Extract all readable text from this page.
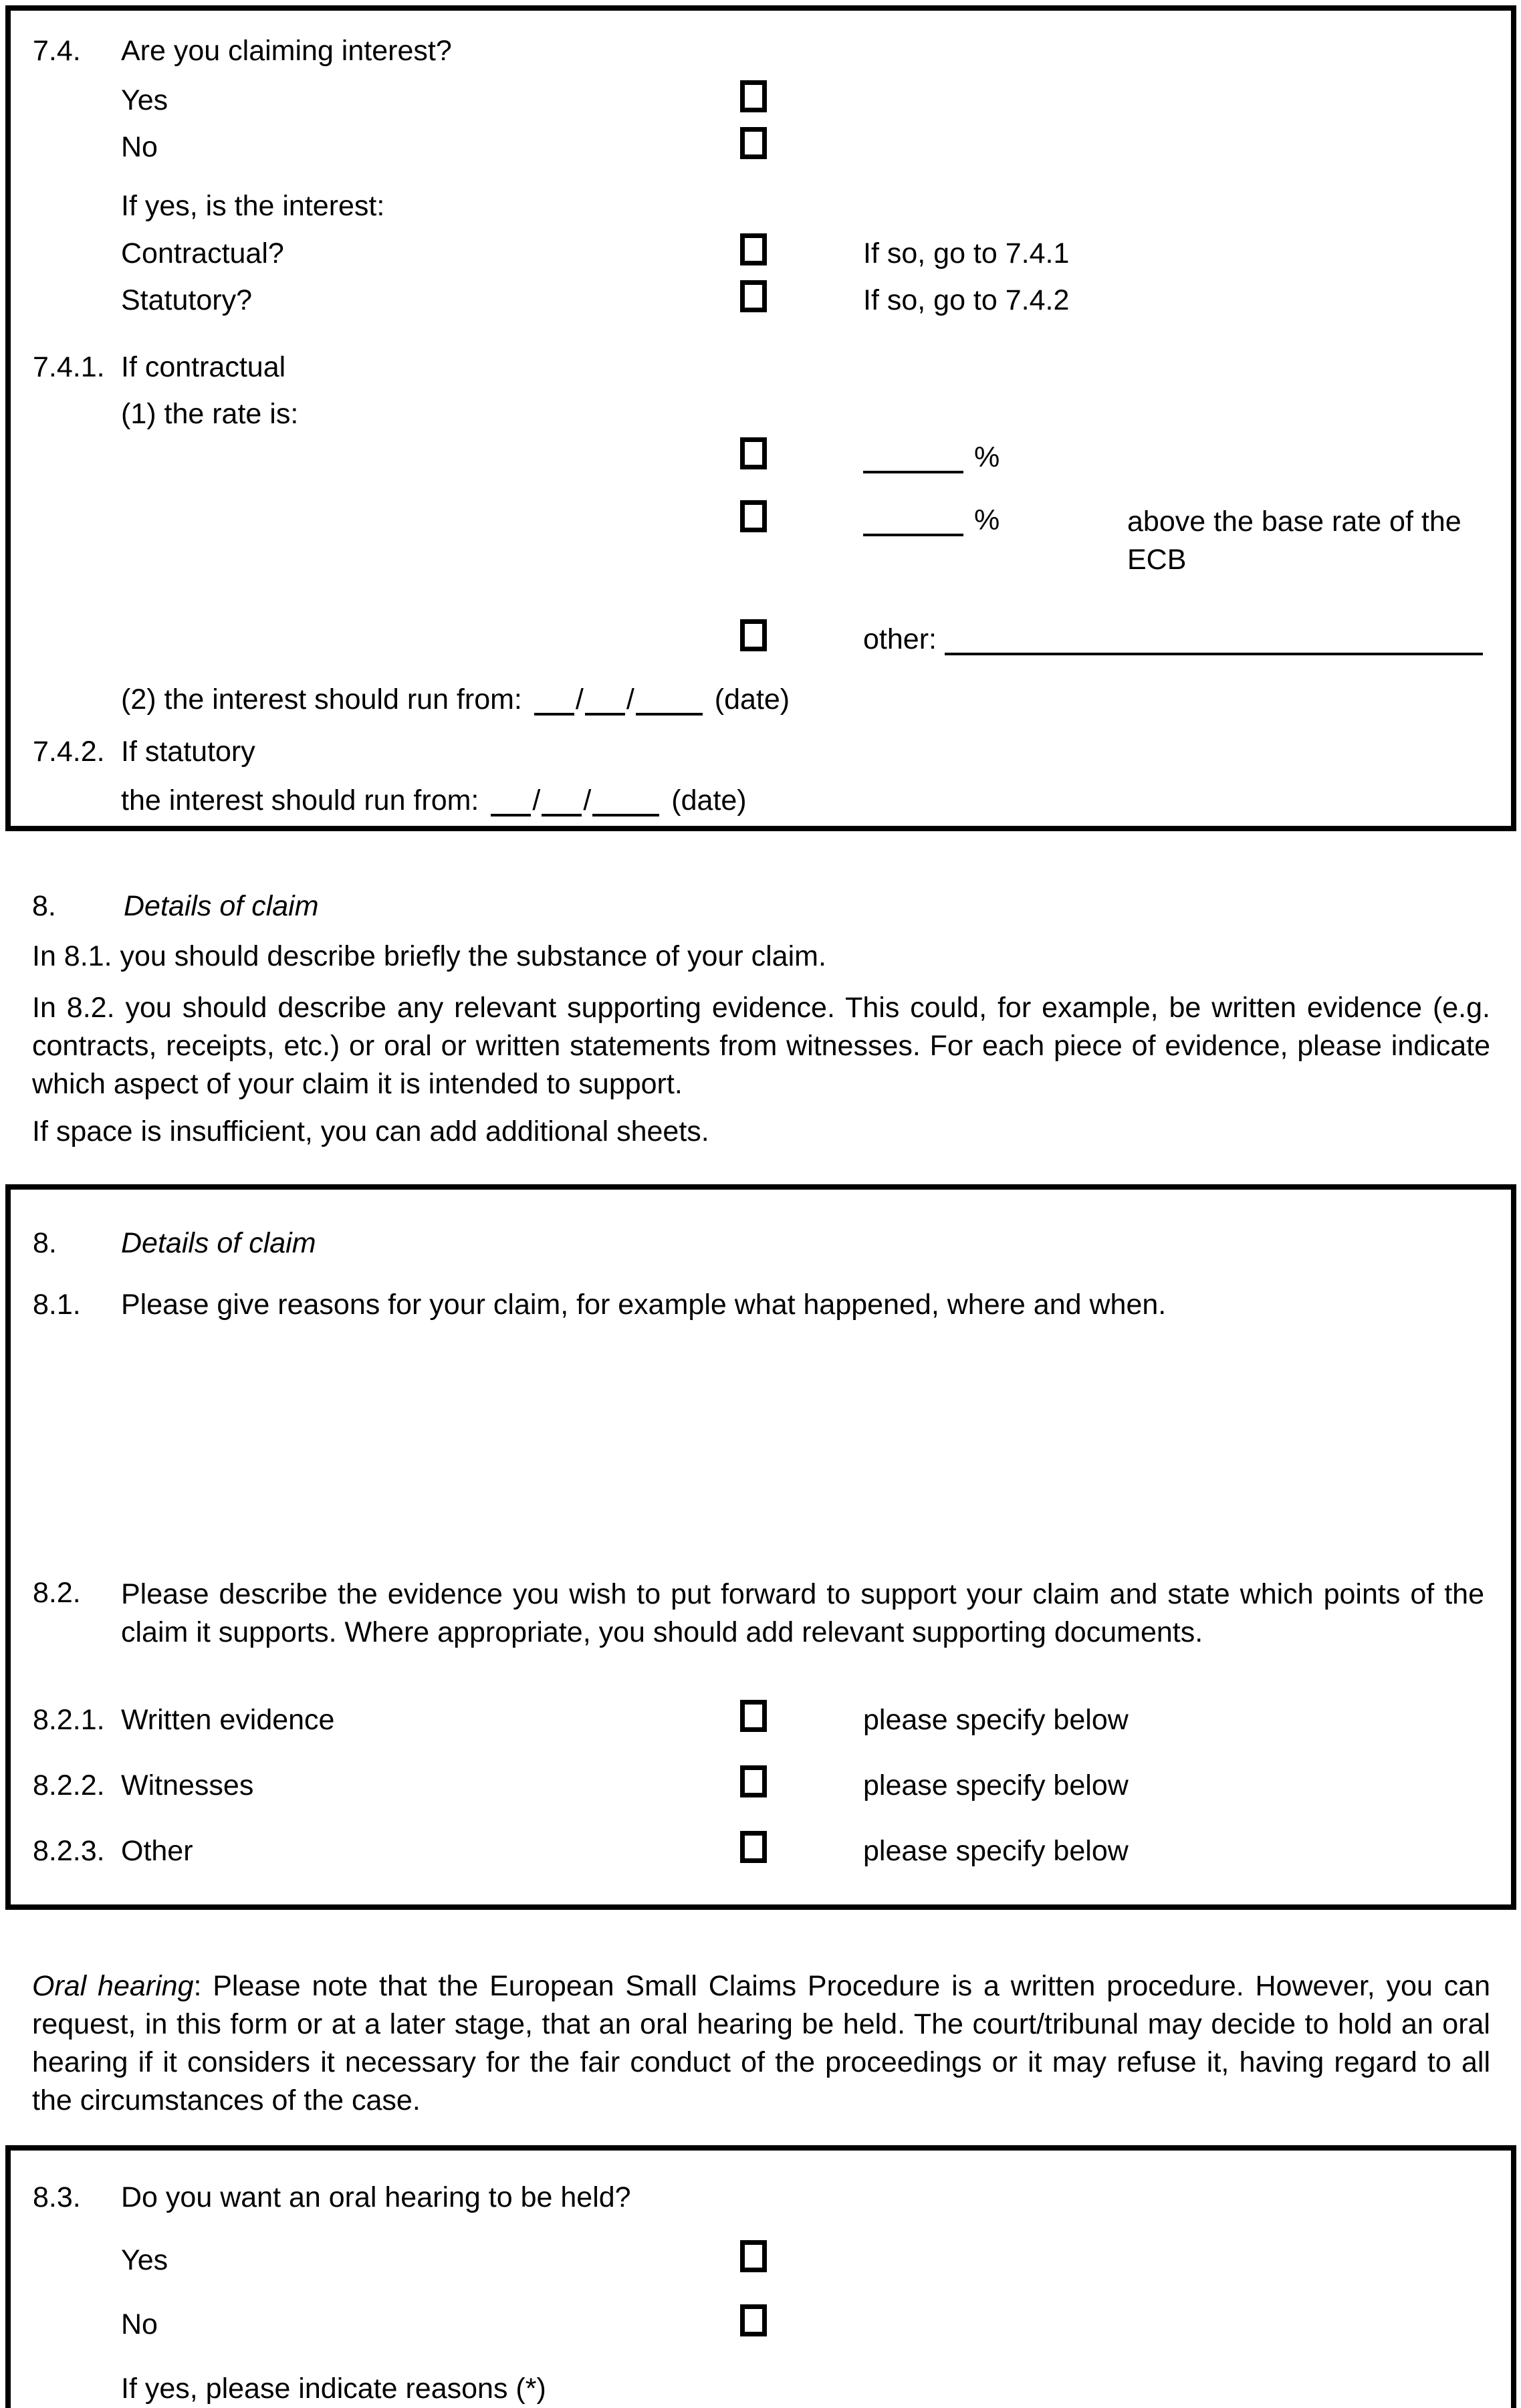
7.4.	Are you claiming interest?
Yes
No
If yes, is the interest:
Contractual?	If so, go to 7.4.1
Statutory?	If so, go to 7.4.2
7.4.1. If contractual
(1) the rate is:
%
%	above the base rate of the ECB
other:
(2) the interest should run from:	/ /	(date)
7.4.2. If statutory
the interest should run from:	/ /	(date)
8.	Details of claim

In 8.1. you should describe briefly the substance of your claim.

In 8.2. you should describe any relevant supporting evidence. This could, for example, be written evidence (e.g. contracts, receipts, etc.) or oral or written statements from witnesses. For each piece of evidence, please indicate which aspect of your claim it is intended to support.

If space is insufficient, you can add additional sheets.

8.	Details of claim
8.1.	Please give reasons for your claim, for example what happened, where and when.
8.2.	Please describe the evidence you wish to put forward to support your claim and state which points of the claim it supports. Where appropriate, you should add relevant supporting documents.
8.2.1. Written evidence	please specify below
8.2.2. Witnesses	please specify below
8.2.3. Other	please specify below

Oral hearing: Please note that the European Small Claims Procedure is a written procedure. However, you can request, in this form or at a later stage, that an oral hearing be held. The court/tribunal may decide to hold an oral hearing if it considers it necessary for the fair conduct of the proceedings or it may refuse it, having regard to all the circumstances of the case.

8.3.	Do you want an oral hearing to be held?
Yes
No
If yes, please indicate reasons (*)
